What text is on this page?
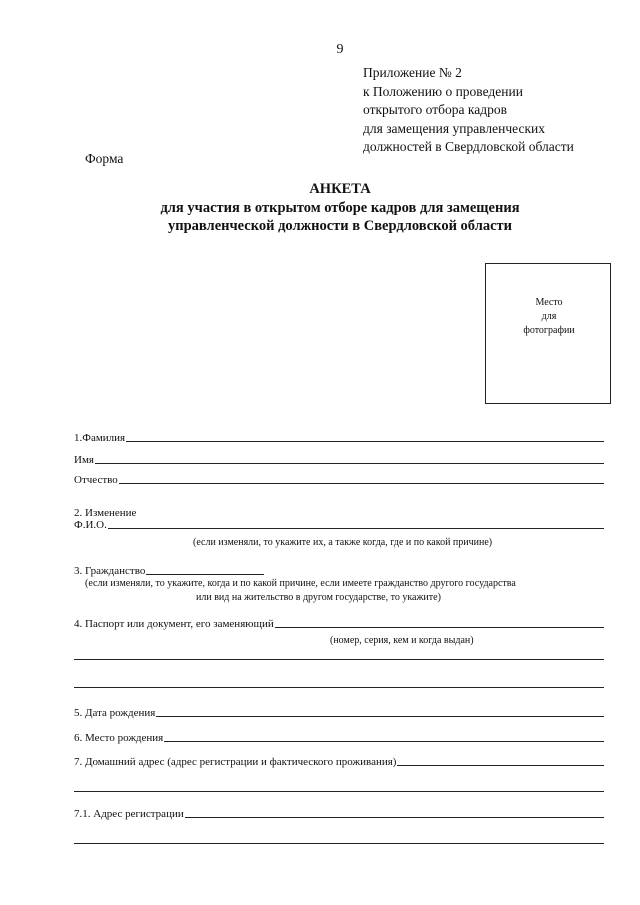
9
Приложение № 2
к Положению о проведении
открытого отбора кадров
для замещения управленческих
должностей в Свердловской области
Форма
АНКЕТА
для участия в открытом отборе кадров для замещения
управленческой должности в Свердловской области
Место
для
фотографии
1.Фамилия
Имя
Отчество
2. Изменение
Ф.И.О.
(если изменяли, то укажите их, а также когда, где и по какой причине)
3. Гражданство
(если изменяли, то укажите, когда и по какой причине, если имеете гражданство другого государства
или вид на жительство в другом государстве, то укажите)
4. Паспорт или документ, его заменяющий
(номер, серия, кем и когда выдан)
5. Дата рождения
6. Место рождения
7. Домашний адрес (адрес регистрации и фактического проживания)
7.1. Адрес регистрации
